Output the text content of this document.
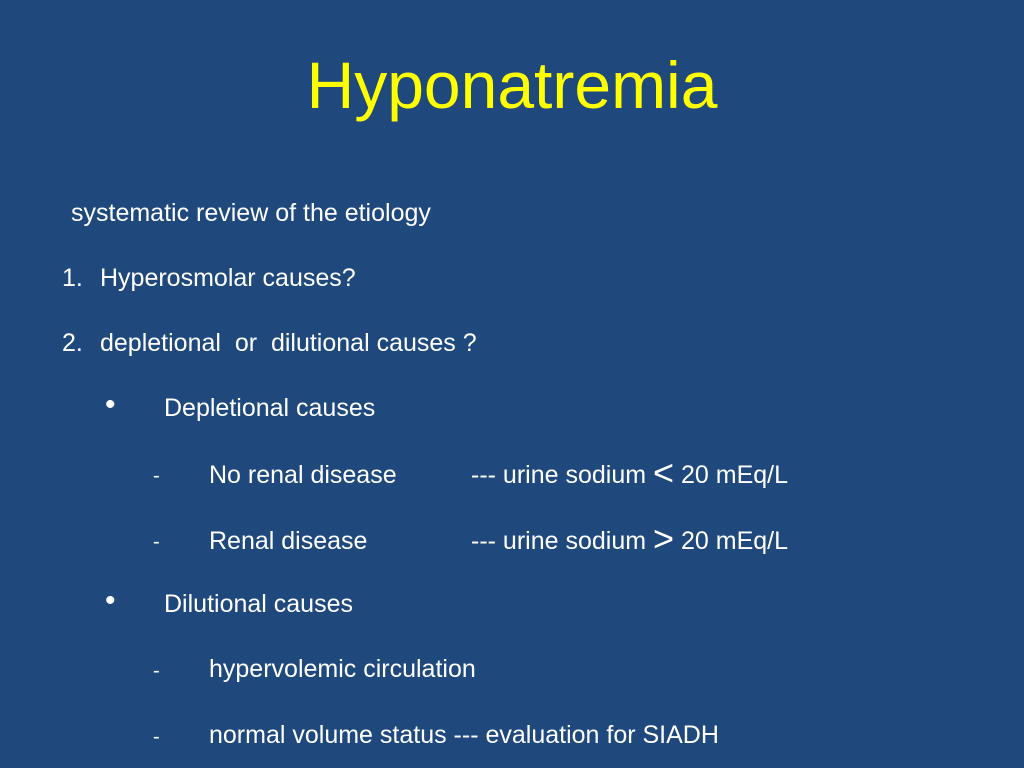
Hyponatremia
systematic review of the etiology
1. Hyperosmolar causes?
2. depletional  or  dilutional causes ?
• Depletional causes
- No renal disease	--- urine sodium < 20 mEq/L
- Renal disease	--- urine sodium > 20 mEq/L
• Dilutional causes
- hypervolemic circulation
- normal volume status --- evaluation for SIADH
